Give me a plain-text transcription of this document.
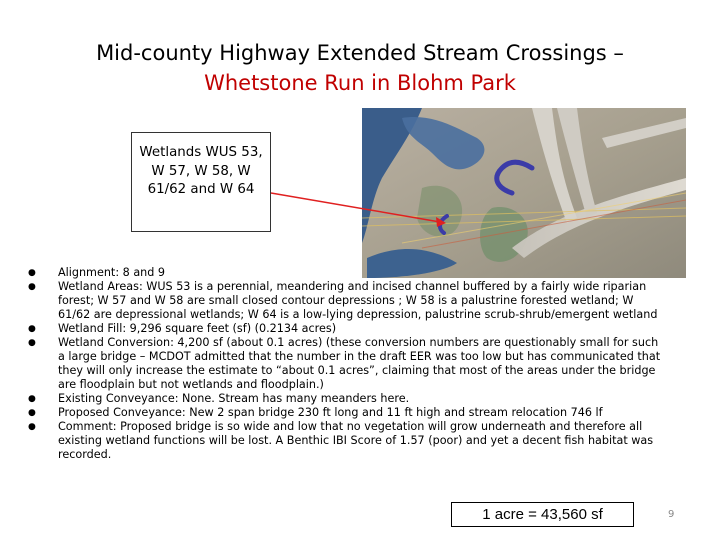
Mid-county Highway Extended Stream Crossings –
Whetstone Run in Blohm Park
Wetlands WUS 53, W 57, W 58, W 61/62 and W 64
● Alignment: 8 and 9
● Wetland Areas: WUS 53 is a perennial, meandering and incised channel buffered by a fairly wide riparian forest; W 57 and W 58 are small closed contour depressions ; W 58 is a palustrine forested wetland; W 61/62 are depressional wetlands; W 64 is a low-lying depression, palustrine scrub-shrub/emergent wetland
● Wetland Fill: 9,296 square feet (sf) (0.2134 acres)
● Wetland Conversion: 4,200 sf (about 0.1 acres) (these conversion numbers are questionably small for such a large bridge – MCDOT admitted that the number in the draft EER was too low but has communicated that they will only increase the estimate to “about 0.1 acres”, claiming that most of the areas under the bridge are floodplain but not wetlands and floodplain.)
● Existing Conveyance: None. Stream has many meanders here.
● Proposed Conveyance: New 2 span bridge 230 ft long and 11 ft high and stream relocation 746 lf
● Comment: Proposed bridge is so wide and low that no vegetation will grow underneath and therefore all existing wetland functions will be lost. A Benthic IBI Score of 1.57 (poor) and yet a decent fish habitat was recorded.
1 acre = 43,560 sf	9
